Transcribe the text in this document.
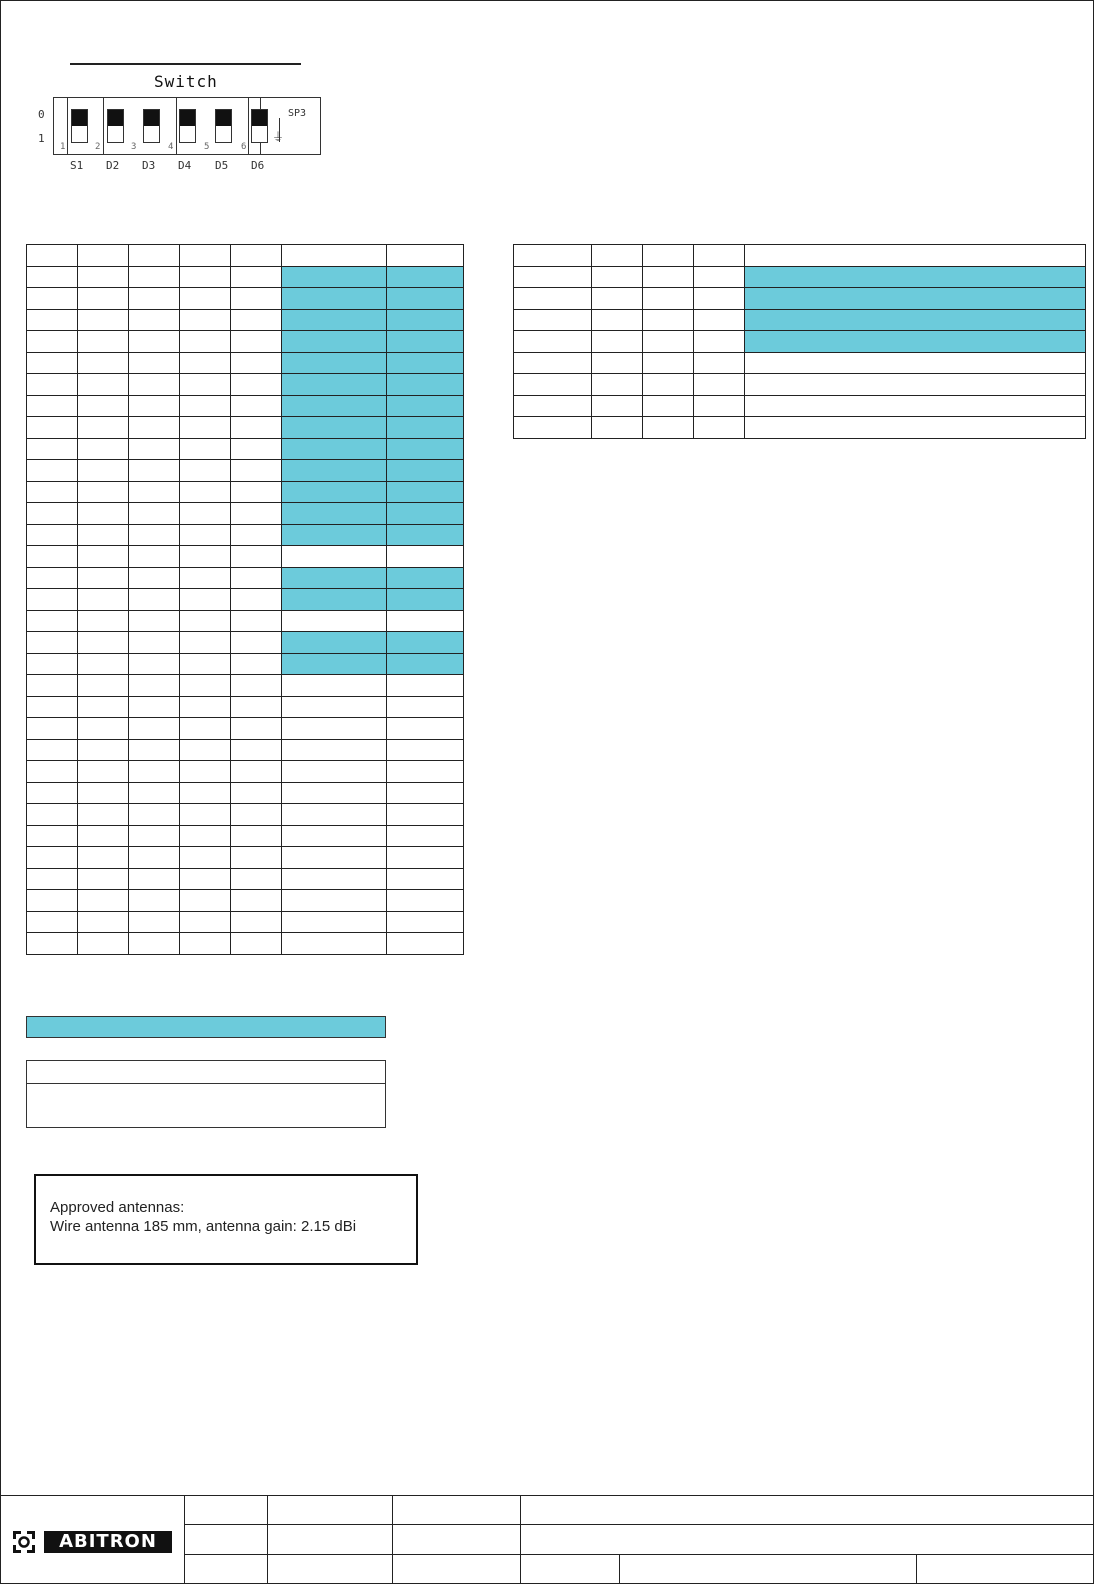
Switch
0
1
1	2	3	4	5	6
SP3
⏚
S1 D2 D3 D4 D5 D6

Approved antennas:
Wire antenna 185 mm, antenna gain: 2.15 dBi
ABITRON
